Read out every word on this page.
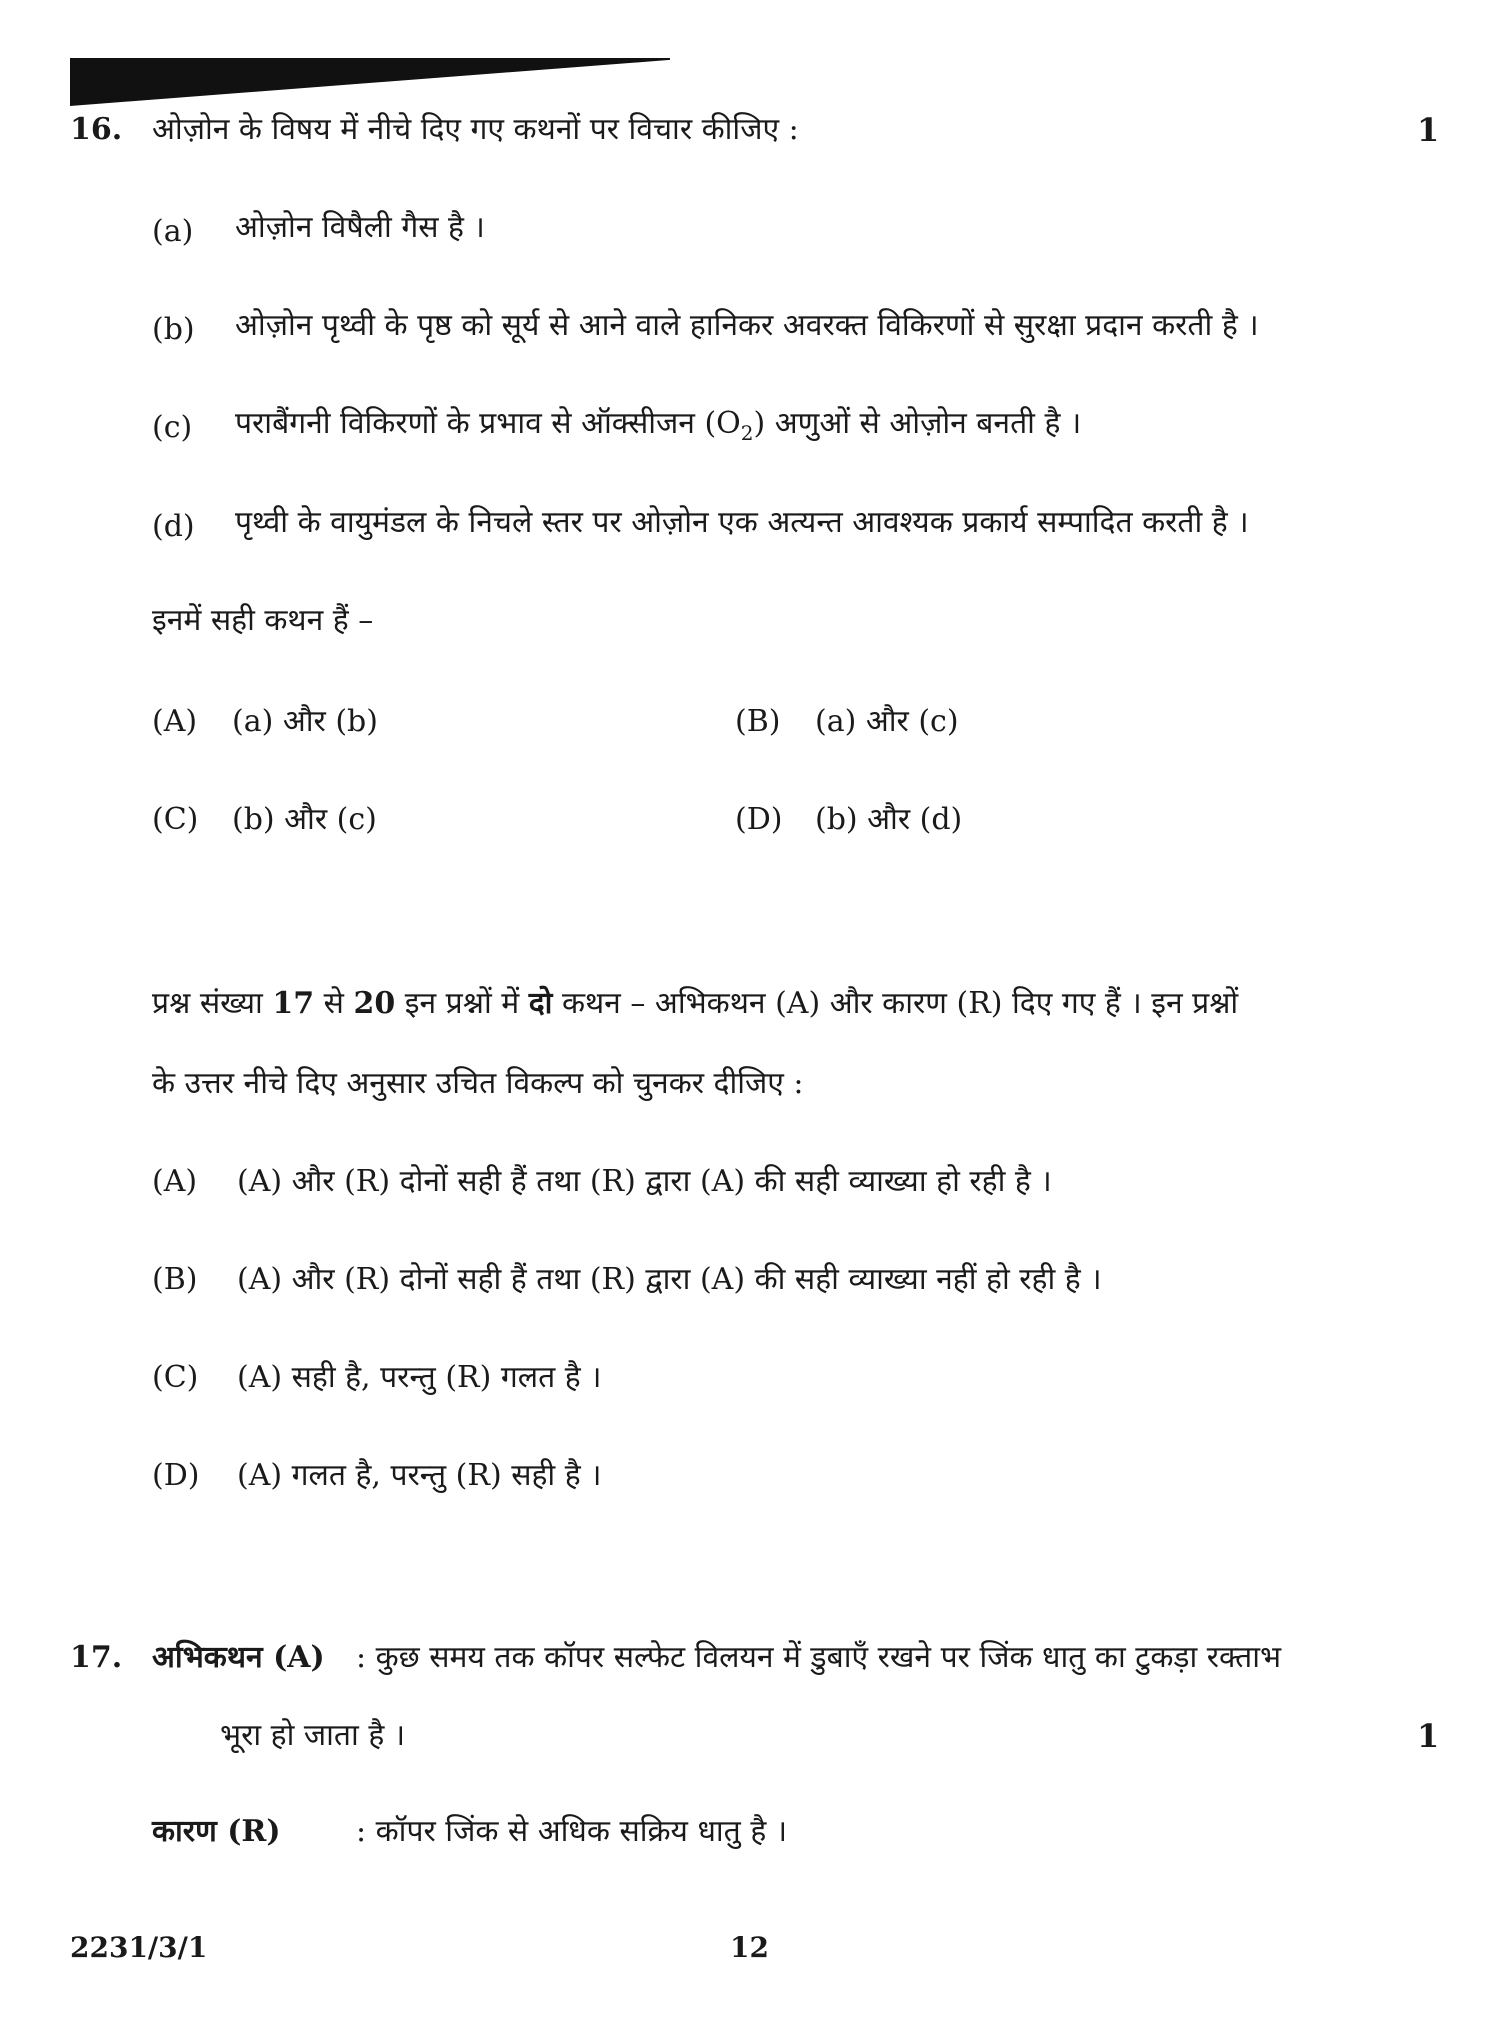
16. ओज़ोन के विषय में नीचे दिए गए कथनों पर विचार कीजिए :	1
(a) ओज़ोन विषैली गैस है ।
(b) ओज़ोन पृथ्वी के पृष्ठ को सूर्य से आने वाले हानिकर अवरक्त विकिरणों से सुरक्षा प्रदान करती है ।
(c) पराबैंगनी विकिरणों के प्रभाव से ऑक्सीजन $(O_2)$ अणुओं से ओज़ोन बनती है ।
(d) पृथ्वी के वायुमंडल के निचले स्तर पर ओज़ोन एक अत्यन्त आवश्यक प्रकार्य सम्पादित करती है ।
इनमें सही कथन हैं –
(A) (a) और (b)	(B) (a) और (c)
(C) (b) और (c)	(D) (b) और (d)
प्रश्न संख्या 17 से 20 इन प्रश्नों में दो कथन – अभिकथन (A) और कारण (R) दिए गए हैं । इन प्रश्नों
के उत्तर नीचे दिए अनुसार उचित विकल्प को चुनकर दीजिए :
(A) (A) और (R) दोनों सही हैं तथा (R) द्वारा (A) की सही व्याख्या हो रही है ।
(B) (A) और (R) दोनों सही हैं तथा (R) द्वारा (A) की सही व्याख्या नहीं हो रही है ।
(C) (A) सही है, परन्तु (R) गलत है ।
(D) (A) गलत है, परन्तु (R) सही है ।
17. अभिकथन (A) : कुछ समय तक कॉपर सल्फेट विलयन में डुबाएँ रखने पर जिंक धातु का टुकड़ा रक्ताभ
भूरा हो जाता है ।	1
कारण (R)	: कॉपर जिंक से अधिक सक्रिय धातु है ।
2231/3/1	12
